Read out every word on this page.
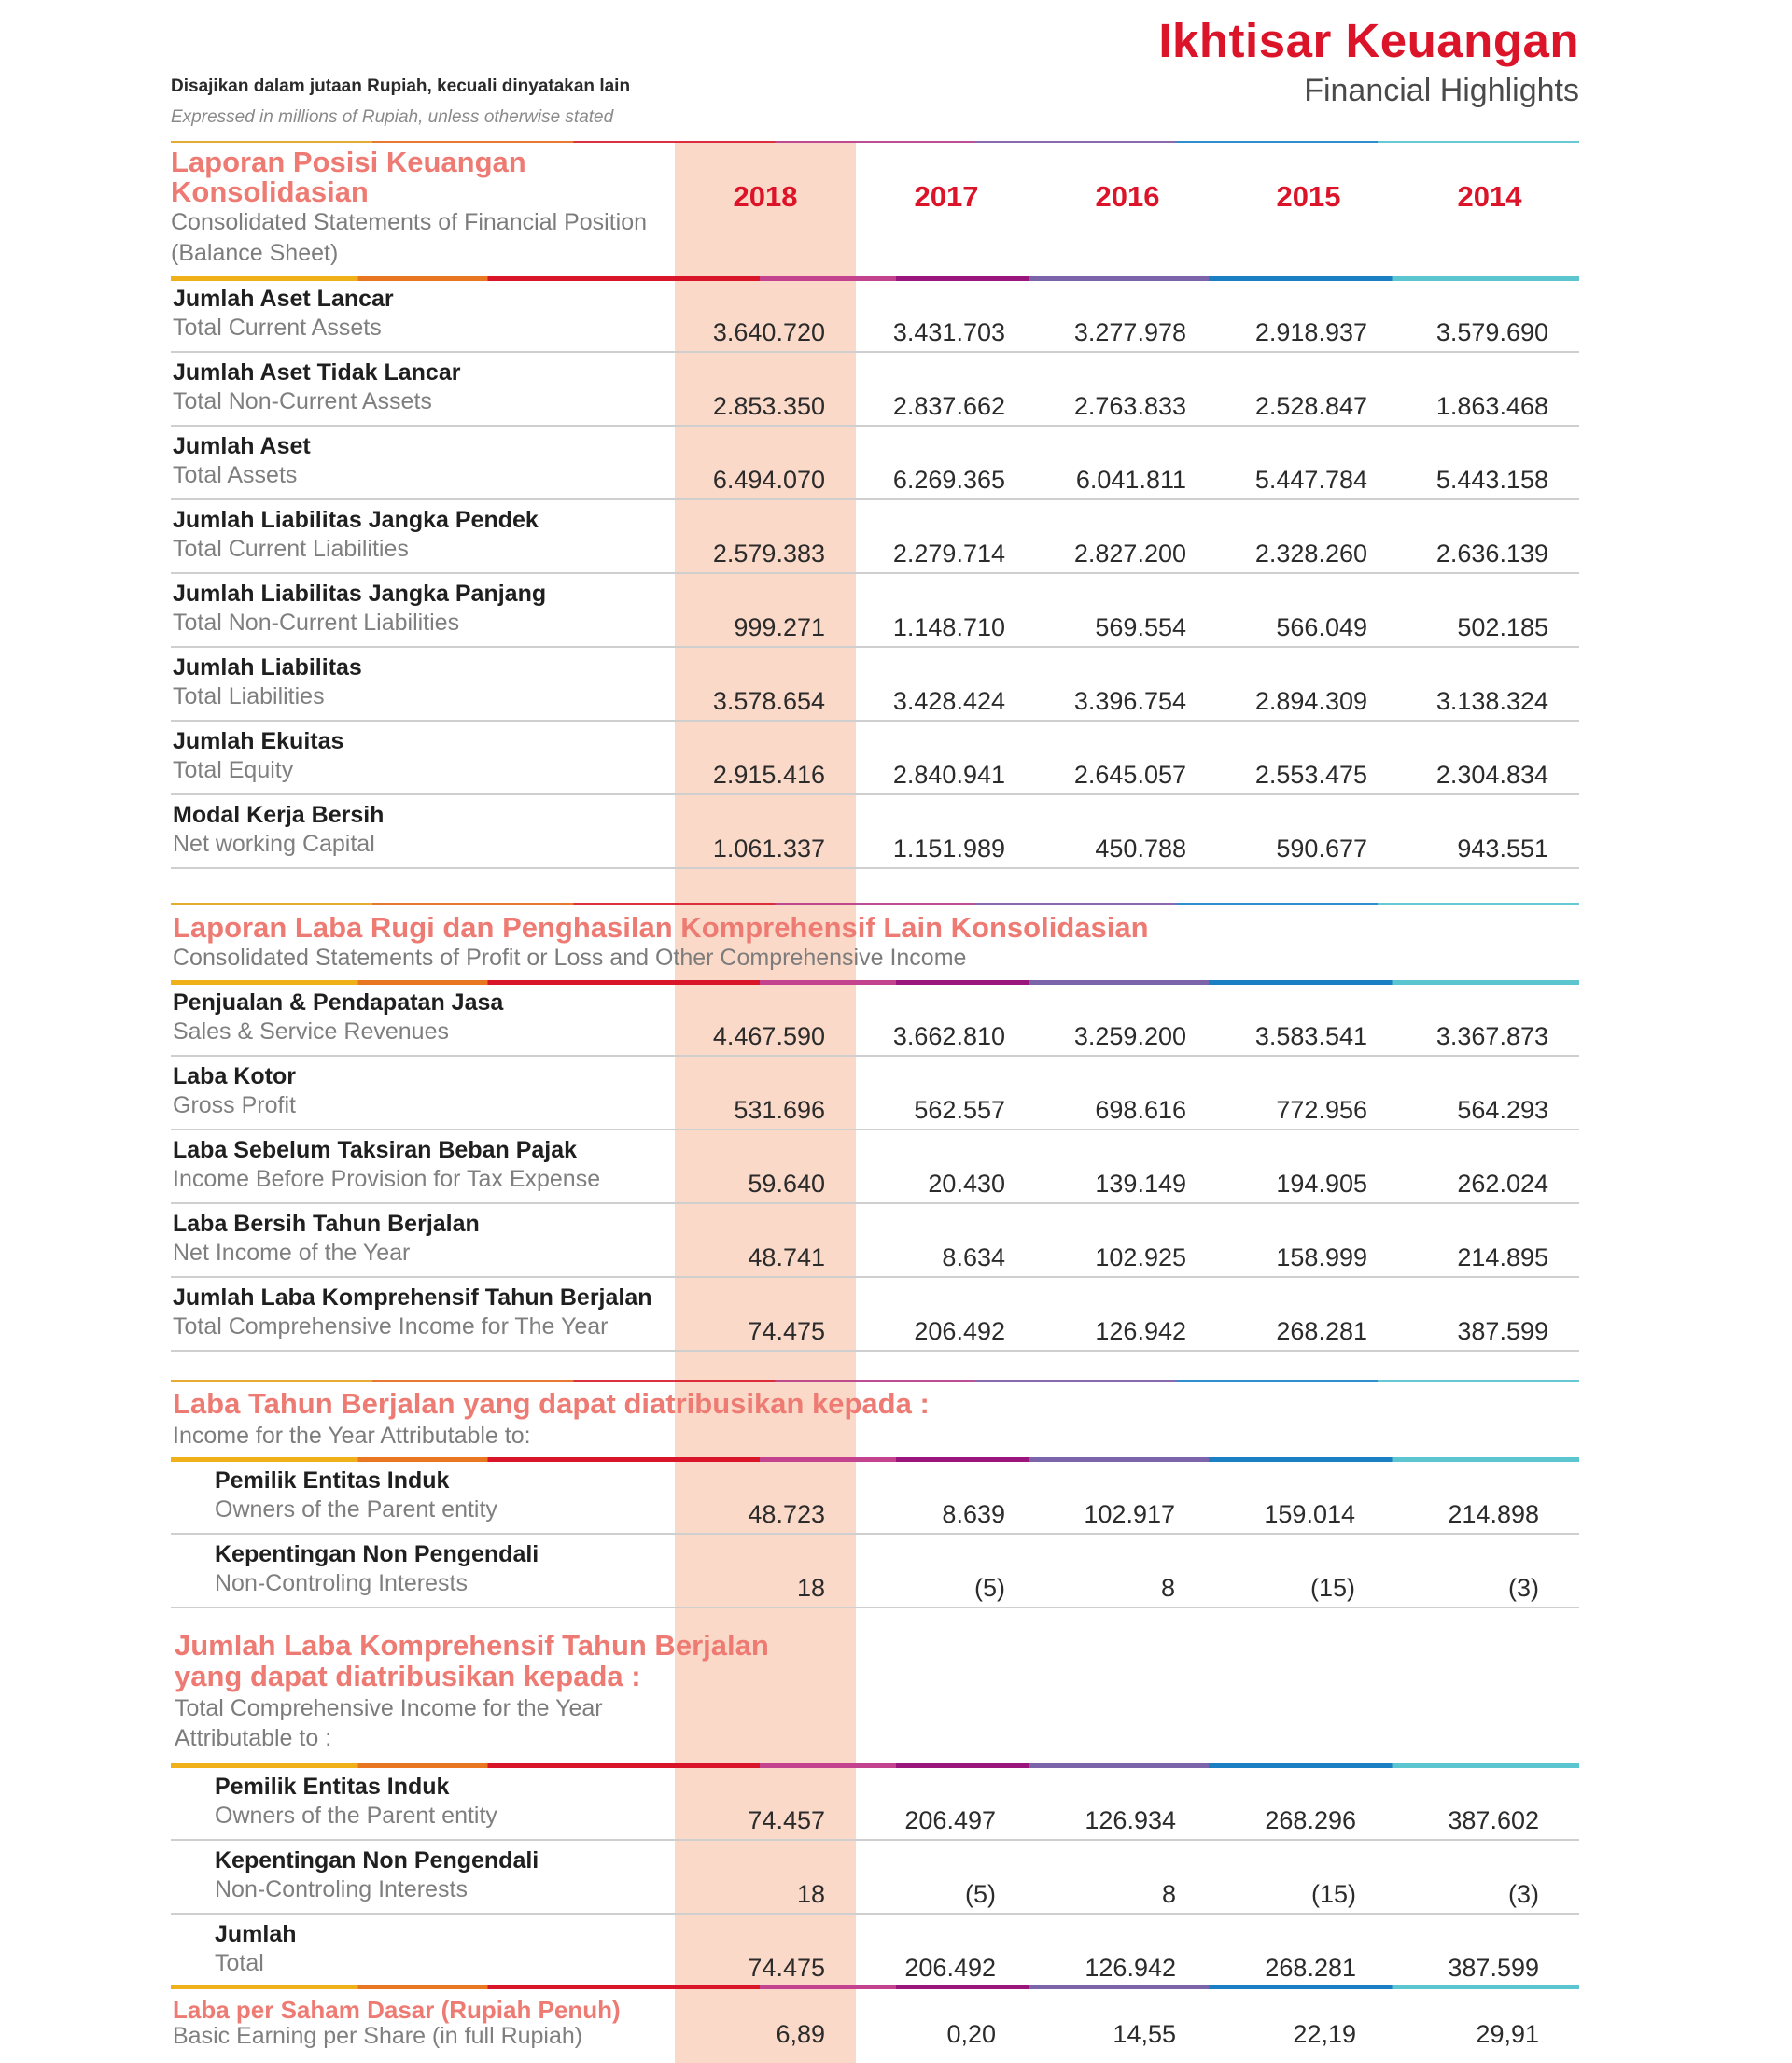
Ikhtisar Keuangan
Financial Highlights
Disajikan dalam jutaan Rupiah, kecuali dinyatakan lain
Expressed in millions of Rupiah, unless otherwise stated
Laporan Posisi Keuangan
Konsolidasian
Consolidated Statements of Financial Position
(Balance Sheet)
2018	2017	2016	2015	2014
Jumlah Aset Lancar
Total Current Assets	3.640.720	3.431.703	3.277.978	2.918.937	3.579.690
Jumlah Aset Tidak Lancar
Total Non-Current Assets	2.853.350	2.837.662	2.763.833	2.528.847	1.863.468
Jumlah Aset
Total Assets	6.494.070	6.269.365	6.041.811	5.447.784	5.443.158
Jumlah Liabilitas Jangka Pendek
Total Current Liabilities	2.579.383	2.279.714	2.827.200	2.328.260	2.636.139
Jumlah Liabilitas Jangka Panjang
Total Non-Current Liabilities	999.271	1.148.710	569.554	566.049	502.185
Jumlah Liabilitas
Total Liabilities	3.578.654	3.428.424	3.396.754	2.894.309	3.138.324
Jumlah Ekuitas
Total Equity	2.915.416	2.840.941	2.645.057	2.553.475	2.304.834
Modal Kerja Bersih
Net working Capital	1.061.337	1.151.989	450.788	590.677	943.551
Laporan Laba Rugi dan Penghasilan Komprehensif Lain Konsolidasian
Consolidated Statements of Profit or Loss and Other Comprehensive Income
Penjualan & Pendapatan Jasa
Sales & Service Revenues	4.467.590	3.662.810	3.259.200	3.583.541	3.367.873
Laba Kotor
Gross Profit	531.696	562.557	698.616	772.956	564.293
Laba Sebelum Taksiran Beban Pajak
Income Before Provision for Tax Expense	59.640	20.430	139.149	194.905	262.024
Laba Bersih Tahun Berjalan
Net Income of the Year	48.741	8.634	102.925	158.999	214.895
Jumlah Laba Komprehensif Tahun Berjalan
Total Comprehensive Income for The Year	74.475	206.492	126.942	268.281	387.599
Laba Tahun Berjalan yang dapat diatribusikan kepada :
Income for the Year Attributable to:
Pemilik Entitas Induk
Owners of the Parent entity	48.723	8.639	102.917	159.014	214.898
Kepentingan Non Pengendali
Non-Controling Interests	18	(5)	8	(15)	(3)
Jumlah Laba Komprehensif Tahun Berjalan
yang dapat diatribusikan kepada :
Total Comprehensive Income for the Year
Attributable to :
Pemilik Entitas Induk
Owners of the Parent entity	74.457	206.497	126.934	268.296	387.602
Kepentingan Non Pengendali
Non-Controling Interests	18	(5)	8	(15)	(3)
Jumlah
Total	74.475	206.492	126.942	268.281	387.599
Laba per Saham Dasar (Rupiah Penuh)
Basic Earning per Share (in full Rupiah)	6,89	0,20	14,55	22,19	29,91
